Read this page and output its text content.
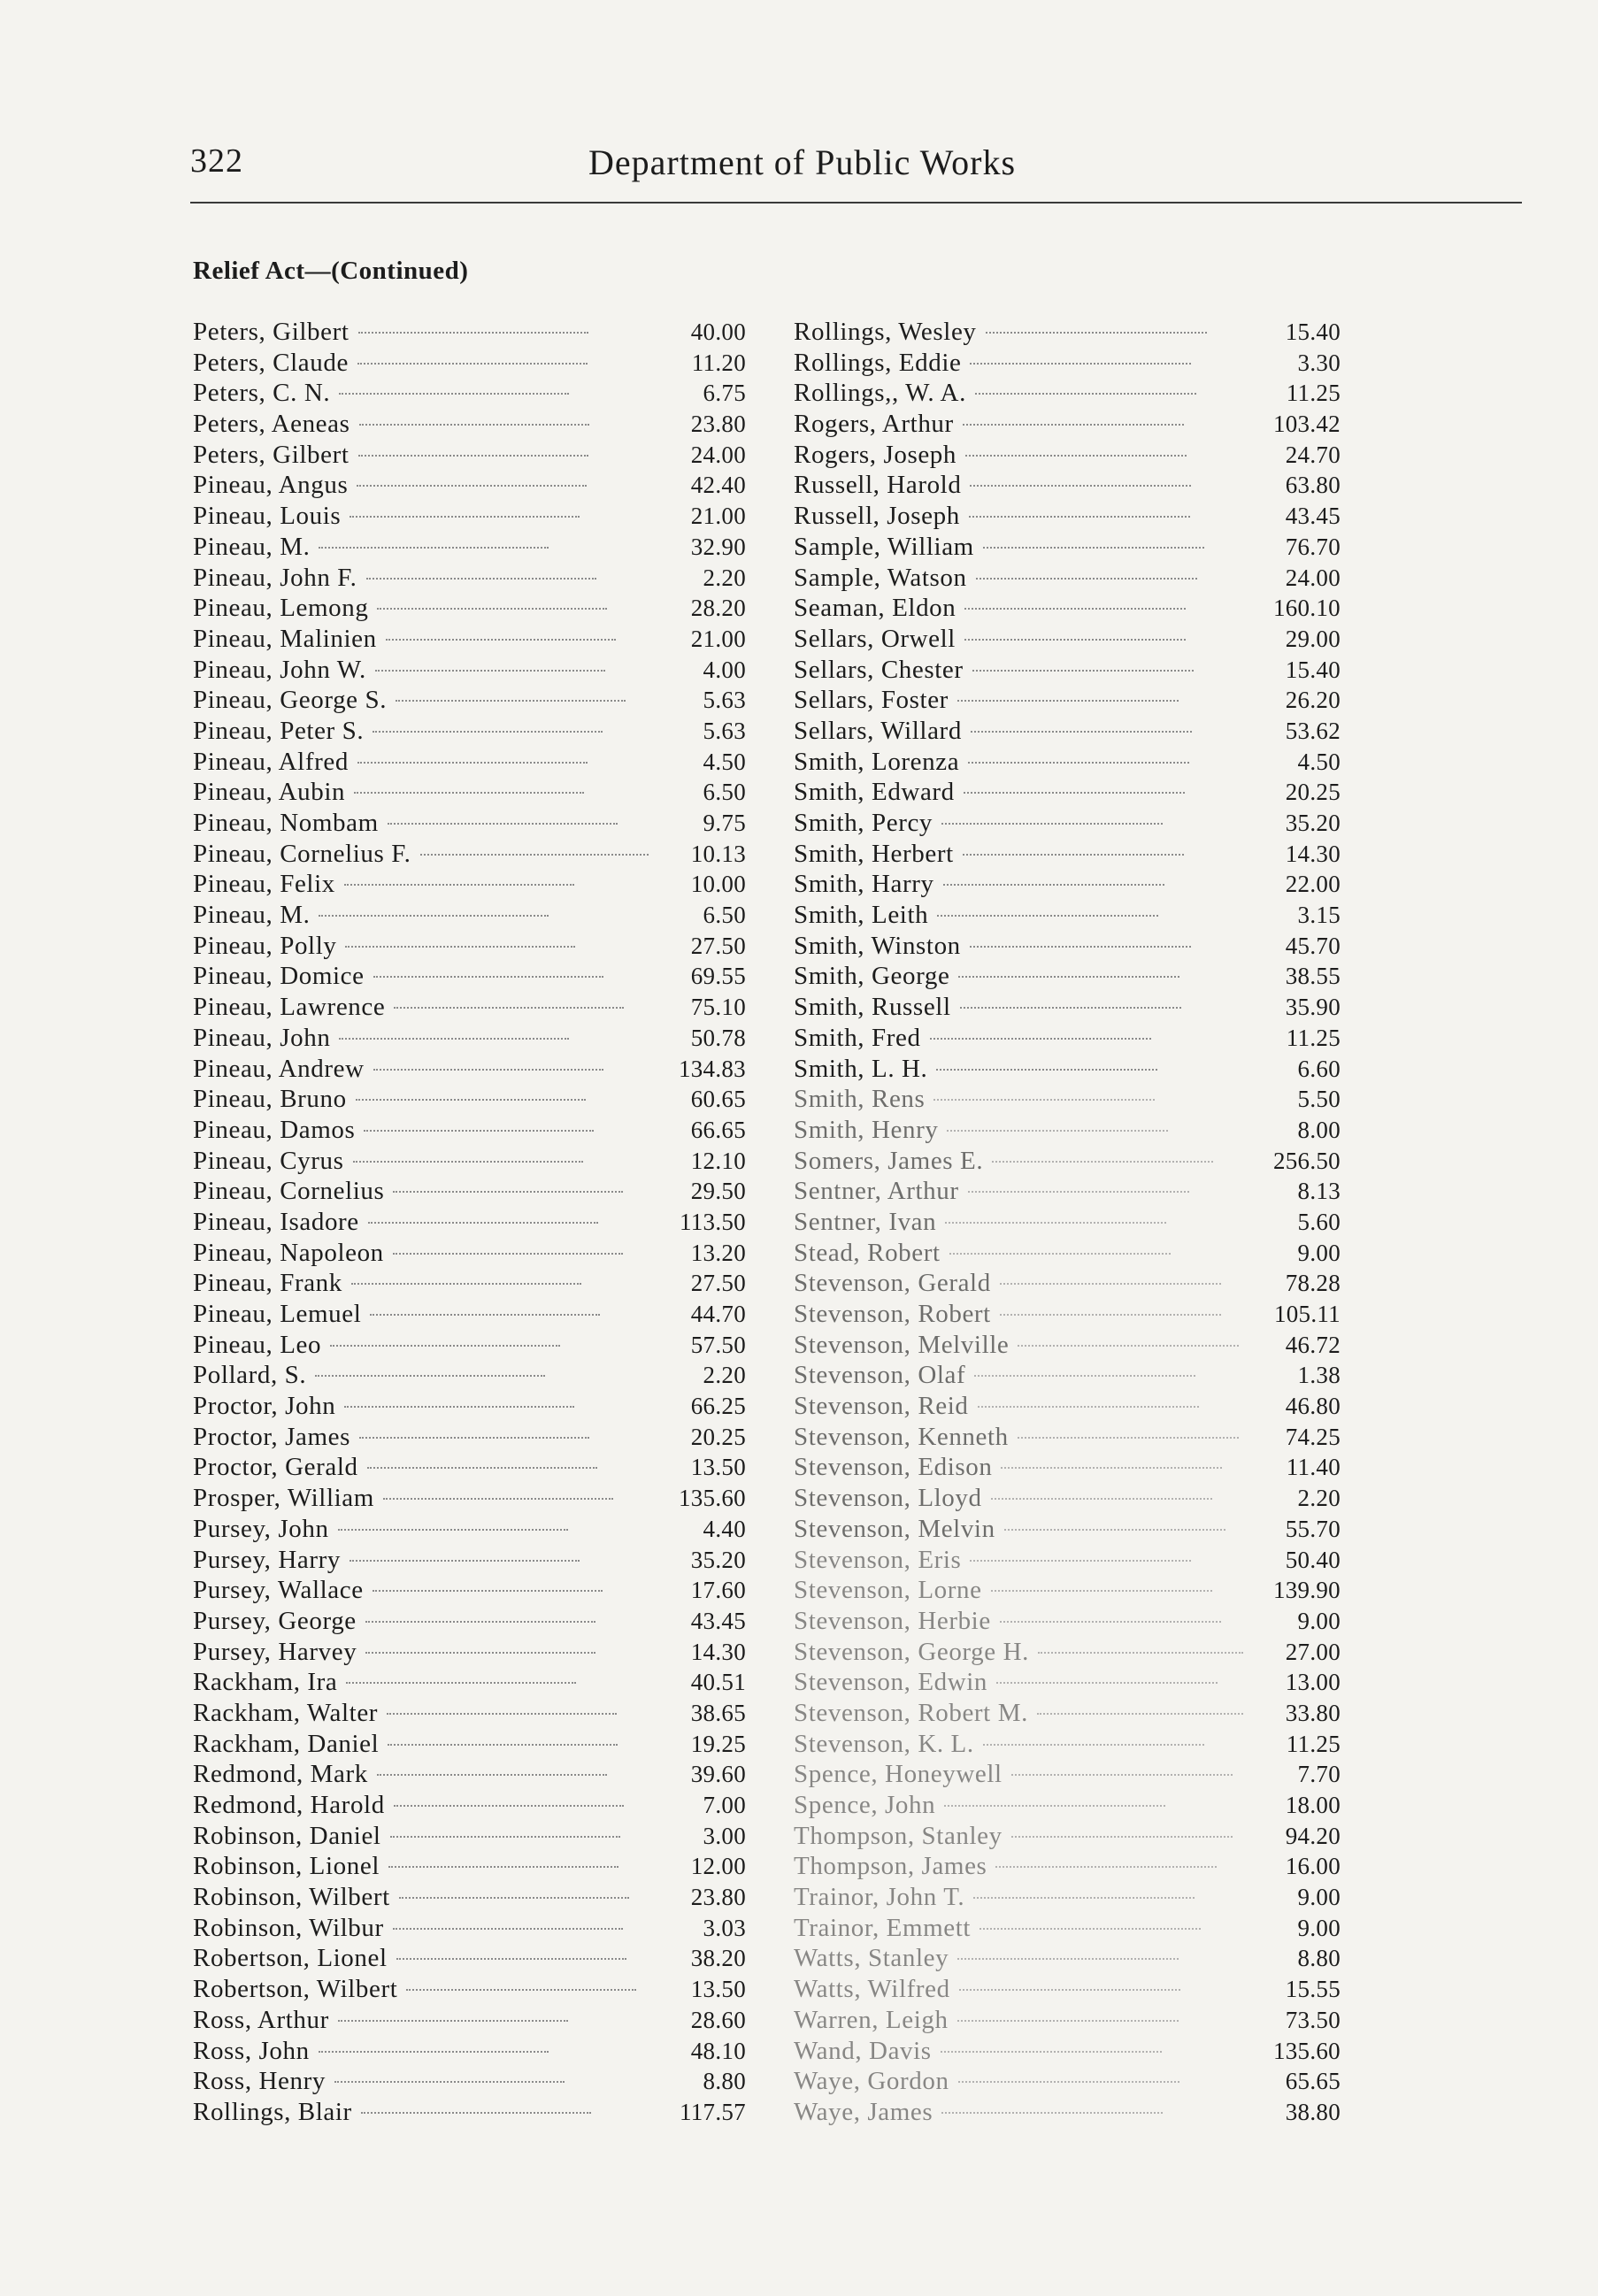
322	Department of Public Works
Relief Act—(Continued)
Peters, Gilbert	40.00
Peters, Claude	11.20
Peters, C. N.	6.75
Peters, Aeneas	23.80
Peters, Gilbert	24.00
Pineau, Angus	42.40
Pineau, Louis	21.00
Pineau, M.	32.90
Pineau, John F.	2.20
Pineau, Lemong	28.20
Pineau, Malinien	21.00
Pineau, John W.	4.00
Pineau, George S.	5.63
Pineau, Peter S.	5.63
Pineau, Alfred	4.50
Pineau, Aubin	6.50
Pineau, Nombam	9.75
Pineau, Cornelius F.	10.13
Pineau, Felix	10.00
Pineau, M.	6.50
Pineau, Polly	27.50
Pineau, Domice	69.55
Pineau, Lawrence	75.10
Pineau, John	50.78
Pineau, Andrew	134.83
Pineau, Bruno	60.65
Pineau, Damos	66.65
Pineau, Cyrus	12.10
Pineau, Cornelius	29.50
Pineau, Isadore	113.50
Pineau, Napoleon	13.20
Pineau, Frank	27.50
Pineau, Lemuel	44.70
Pineau, Leo	57.50
Pollard, S.	2.20
Proctor, John	66.25
Proctor, James	20.25
Proctor, Gerald	13.50
Prosper, William	135.60
Pursey, John	4.40
Pursey, Harry	35.20
Pursey, Wallace	17.60
Pursey, George	43.45
Pursey, Harvey	14.30
Rackham, Ira	40.51
Rackham, Walter	38.65
Rackham, Daniel	19.25
Redmond, Mark	39.60
Redmond, Harold	7.00
Robinson, Daniel	3.00
Robinson, Lionel	12.00
Robinson, Wilbert	23.80
Robinson, Wilbur	3.03
Robertson, Lionel	38.20
Robertson, Wilbert	13.50
Ross, Arthur	28.60
Ross, John	48.10
Ross, Henry	8.80
Rollings, Blair	117.57
Rollings, Wesley	15.40
Rollings, Eddie	3.30
Rollings,, W. A.	11.25
Rogers, Arthur	103.42
Rogers, Joseph	24.70
Russell, Harold	63.80
Russell, Joseph	43.45
Sample, William	76.70
Sample, Watson	24.00
Seaman, Eldon	160.10
Sellars, Orwell	29.00
Sellars, Chester	15.40
Sellars, Foster	26.20
Sellars, Willard	53.62
Smith, Lorenza	4.50
Smith, Edward	20.25
Smith, Percy	35.20
Smith, Herbert	14.30
Smith, Harry	22.00
Smith, Leith	3.15
Smith, Winston	45.70
Smith, George	38.55
Smith, Russell	35.90
Smith, Fred	11.25
Smith, L. H.	6.60
Smith, Rens	5.50
Smith, Henry	8.00
Somers, James E.	256.50
Sentner, Arthur	8.13
Sentner, Ivan	5.60
Stead, Robert	9.00
Stevenson, Gerald	78.28
Stevenson, Robert	105.11
Stevenson, Melville	46.72
Stevenson, Olaf	1.38
Stevenson, Reid	46.80
Stevenson, Kenneth	74.25
Stevenson, Edison	11.40
Stevenson, Lloyd	2.20
Stevenson, Melvin	55.70
Stevenson, Eris	50.40
Stevenson, Lorne	139.90
Stevenson, Herbie	9.00
Stevenson, George H.	27.00
Stevenson, Edwin	13.00
Stevenson, Robert M.	33.80
Stevenson, K. L.	11.25
Spence, Honeywell	7.70
Spence, John	18.00
Thompson, Stanley	94.20
Thompson, James	16.00
Trainor, John T.	9.00
Trainor, Emmett	9.00
Watts, Stanley	8.80
Watts, Wilfred	15.55
Warren, Leigh	73.50
Wand, Davis	135.60
Waye, Gordon	65.65
Waye, James	38.80
